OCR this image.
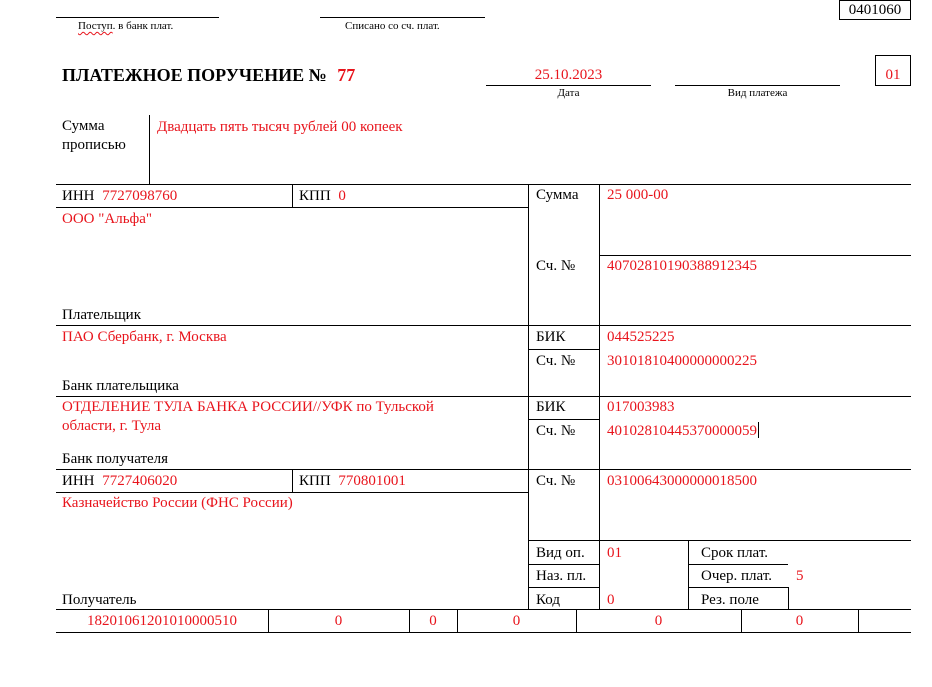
0401060
Поступ. в банк плат.	Списано со сч. плат.
ПЛАТЕЖНОЕ ПОРУЧЕНИЕ № 77	25.10.2023
Дата	Вид платежа
01
Сумма прописью
Двадцать пять тысяч рублей 00 копеек
ИНН 7727098760	КПП 0
ООО "Альфа"
Плательщик
Сумма 25 000-00
Сч. № 40702810190388912345
ПАО Сбербанк, г. Москва
Банк плательщика
БИК	044525225
Сч. № 30101810400000000225
ОТДЕЛЕНИЕ ТУЛА БАНКА РОССИИ//УФК по Тульской
области, г. Тула
Банк получателя
БИК	017003983
Сч. № 40102810445370000059
ИНН 7727406020	КПП 770801001
Казначейство России (ФНС России)
Получатель
Сч. № 03100643000000018500
Вид оп. 01
Наз. пл.
Код	0
Срок плат.
Очер. плат. 5
Рез. поле
18201061201010000510	0	0	0	0	0
